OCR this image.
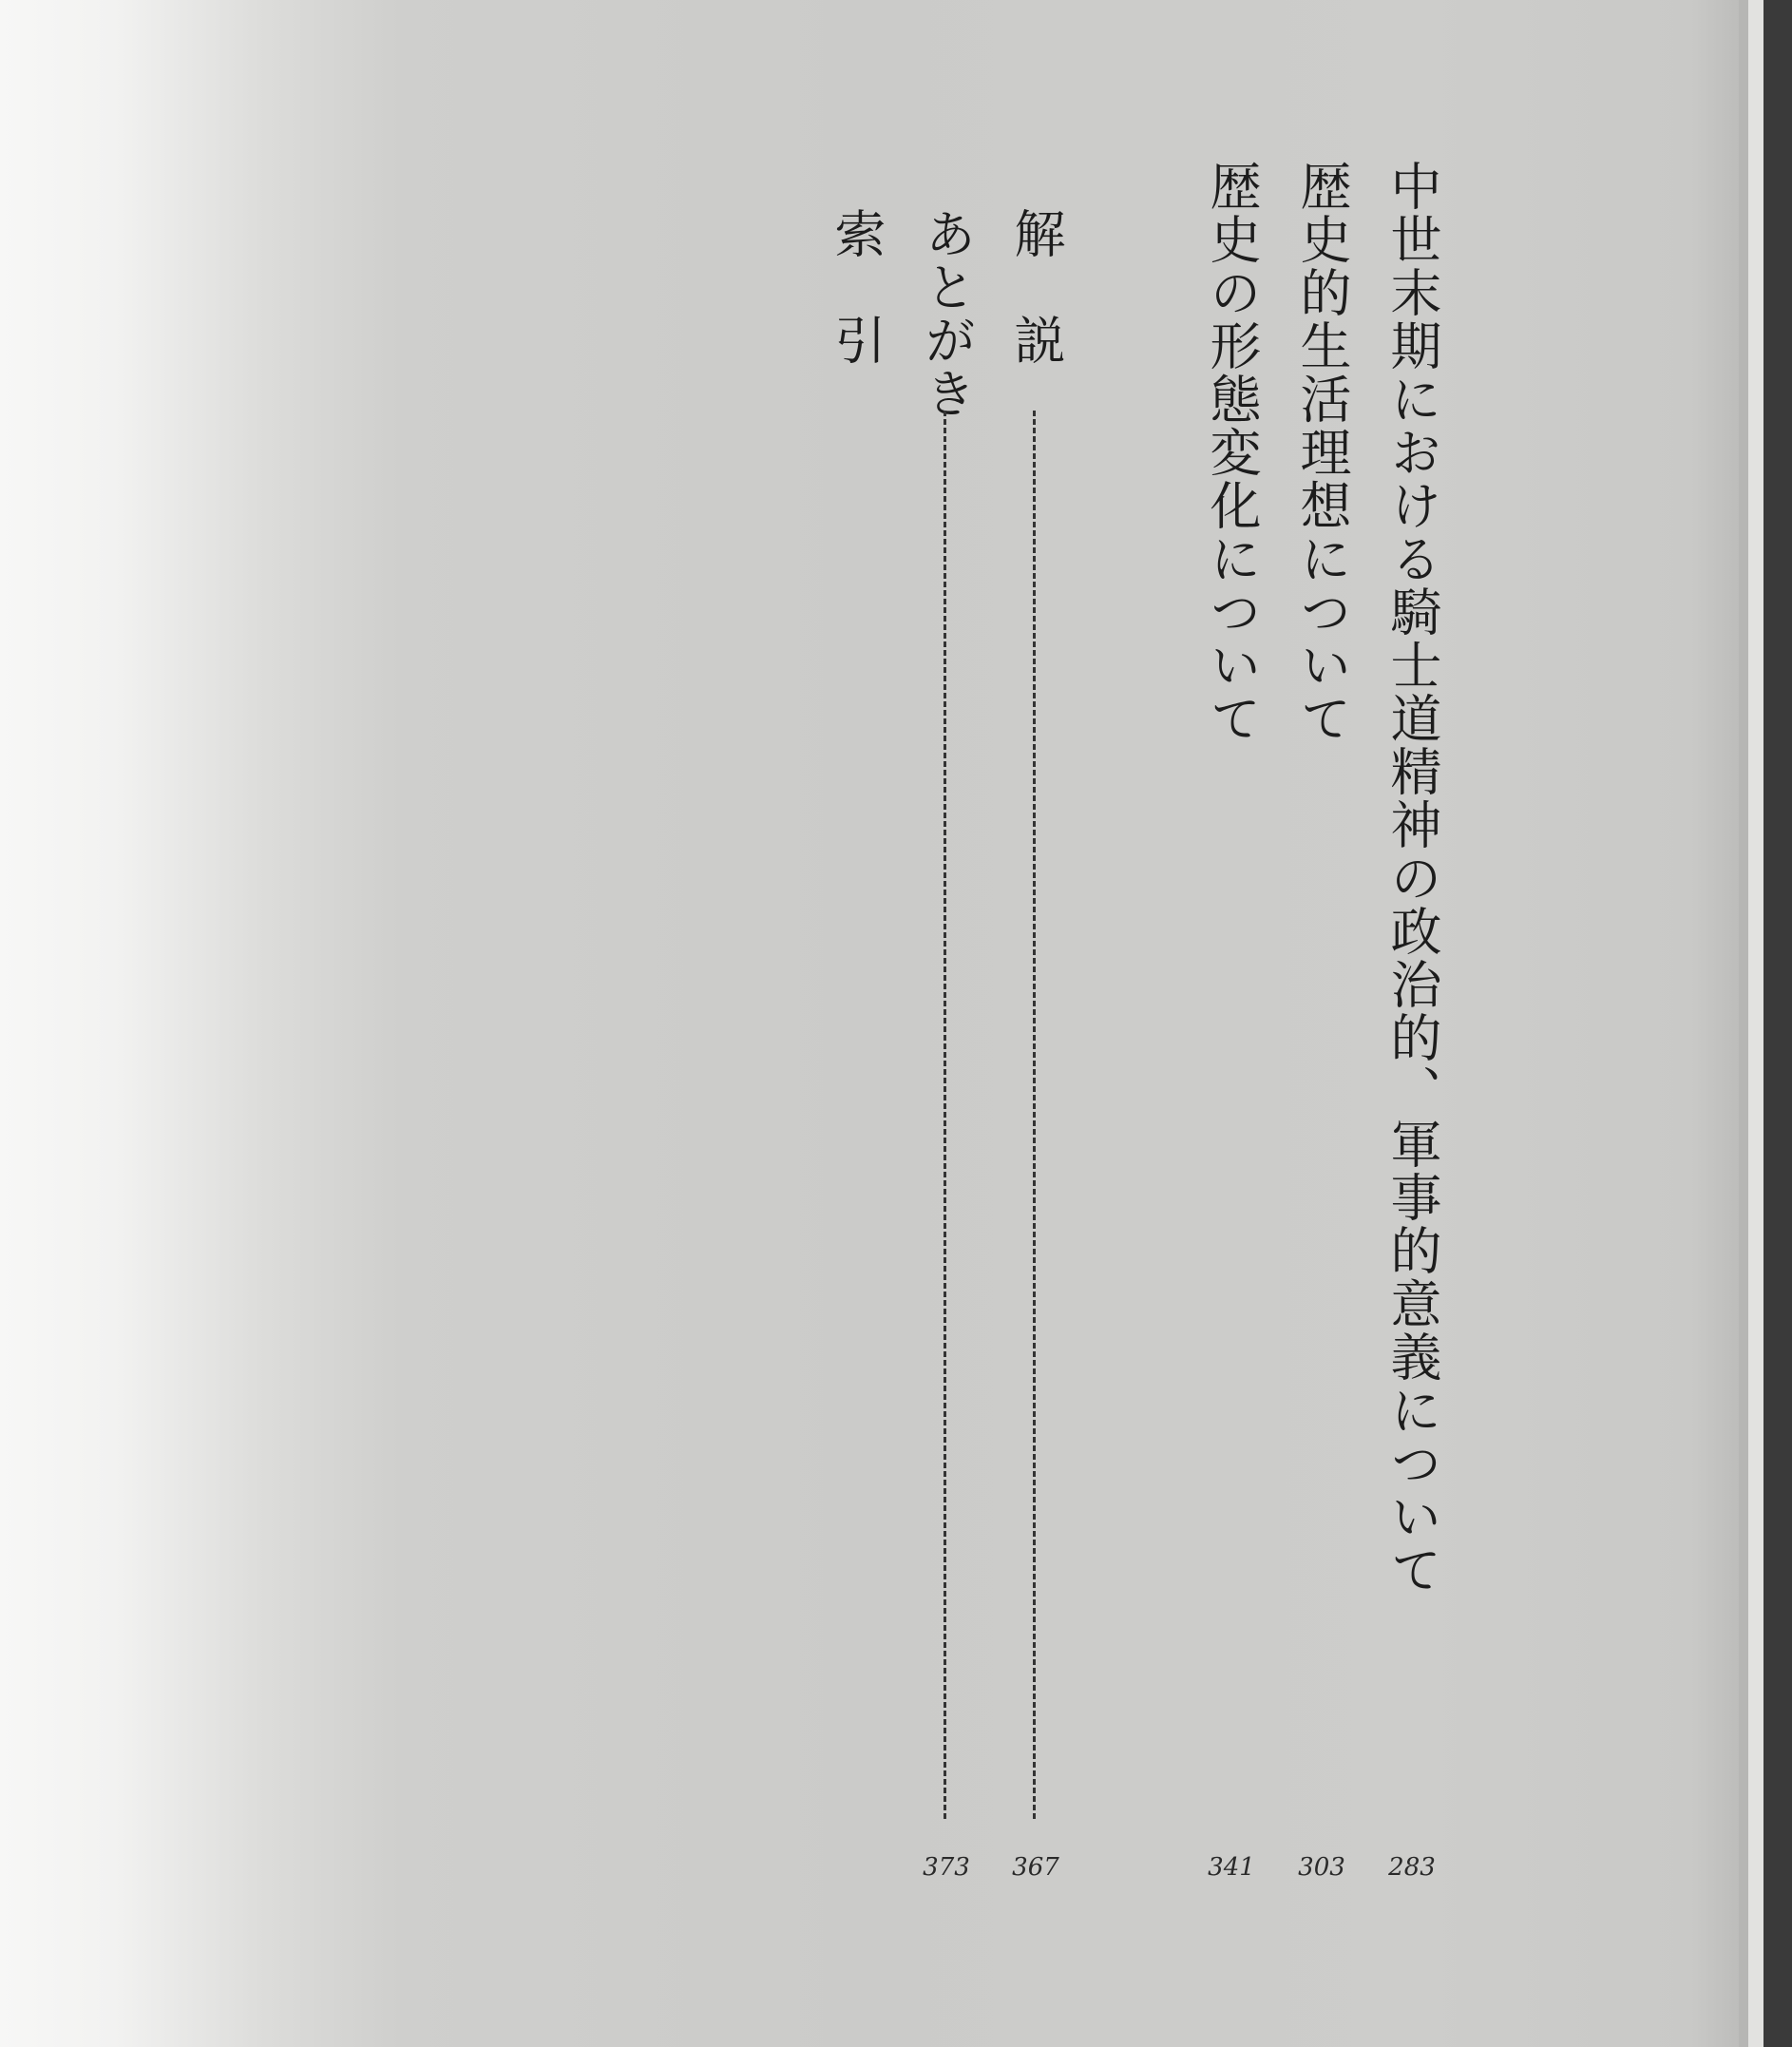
中世末期における騎士道精神の政治的、軍事的意義について
283
歴史的生活理想について
303
歴史の形態変化について
341
解　説
367
あとがき
373
索　引
